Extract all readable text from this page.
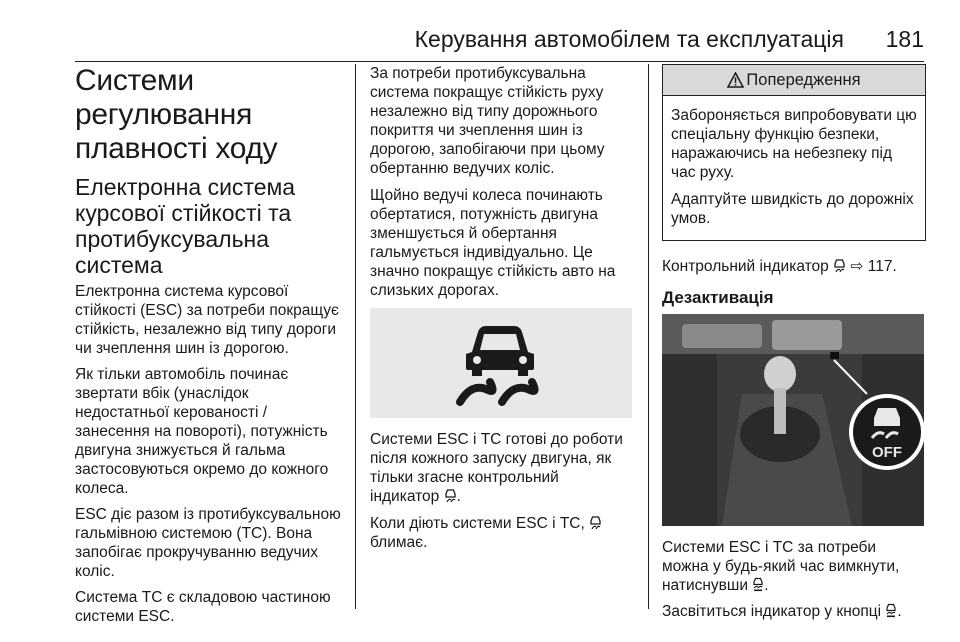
Керування автомобілем та експлуатація 181
Системи регулювання плавності ходу
Електронна система курсової стійкості та протибуксувальна система

Електронна система курсової стійкості (ESC) за потреби покращує стійкість, незалежно від типу дороги чи зчеплення шин із дорогою.

Як тільки автомобіль починає звертати вбік (унаслідок недостатньої керованості / занесення на повороті), потужність двигуна знижується й гальма застосовуються окремо до кожного колеса.

ESC діє разом із протибуксувальною гальмівною системою (TC). Вона запобігає прокручуванню ведучих коліс.

Система TC є складовою частиною системи ESC.

За потреби протибуксувальна система покращує стійкість руху незалежно від типу дорожнього покриття чи зчеплення шин із дорогою, запобігаючи при цьому обертанню ведучих коліс.

Щойно ведучі колеса починають обертатися, потужність двигуна зменшується й обертання гальмується індивідуально. Це значно покращує стійкість авто на слизьких дорогах.

Системи ESC і TC готові до роботи після кожного запуску двигуна, як тільки згасне контрольний індикатор .

Коли діють системи ESC і TC,
блимає.

Попередження

Забороняється випробовувати цю спеціальну функцію безпеки, наражаючись на небезпеку під час руху.

Адаптуйте швидкість до дорожніх умов.

Контрольний індикатор ⇨ 117.

Дезактивація
OFF

Системи ESC і TC за потреби можна у будь-який час вимкнути, натиснувши .

Засвітиться індикатор у кнопці .
